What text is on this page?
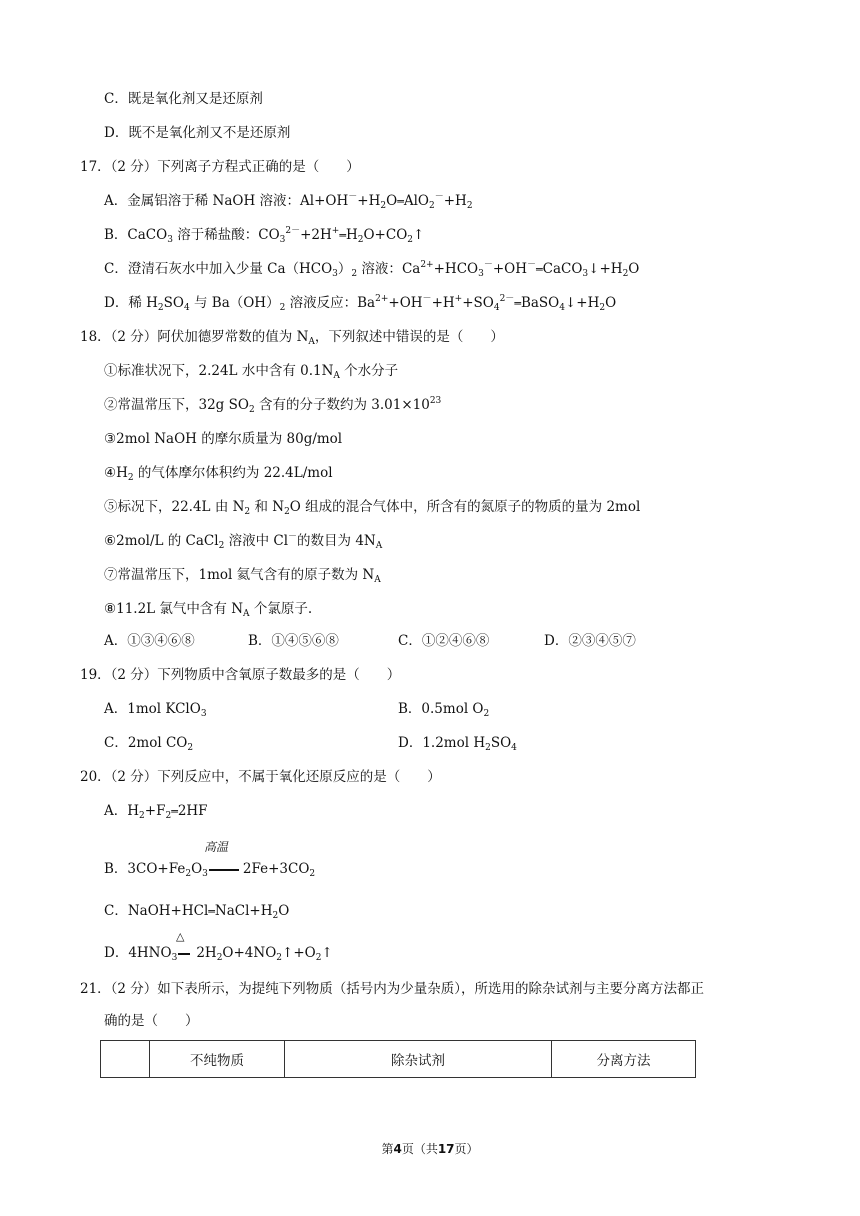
C．既是氧化剂又是还原剂
D．既不是氧化剂又不是还原剂
17．（2 分）下列离子方程式正确的是（　　）
A．金属铝溶于稀 NaOH 溶液：$Al+OH^-+H_2O═AlO_2^-+H_2$
B．CaCO$_3$ 溶于稀盐酸：$CO_3^{2-}+2H^+═H_2O+CO_2↑$
C．澄清石灰水中加入少量 $Ca(HCO_3)_2$ 溶液：$Ca^{2+}+HCO_3^-+OH^-═CaCO_3↓+H_2O$
D．稀 $H_2SO_4$ 与 $Ba(OH)_2$ 溶液反应：$Ba^{2+}+OH^-+H^++SO_4^{2-}═BaSO_4↓+H_2O$
18．（2 分）阿伏加德罗常数的值为 $N_A$，下列叙述中错误的是（　　）
①标准状况下，2.24L 水中含有 $0.1N_A$ 个水分子
②常温常压下，32g $SO_2$ 含有的分子数约为 $3.01\times 10^{23}$
③2mol NaOH 的摩尔质量为 80g/mol
$④H_2$ 的气体摩尔体积约为 22.4L/mol
⑤标况下，22.4L 由 $N_2$ 和 $N_2O$ 组成的混合气体中，所含有的氮原子的物质的量为 2mol
⑥2mol/L 的 CaCl$_2$ 溶液中 Cl－的数目为 $4N_A$
⑦常温常压下，1mol 氦气含有的原子数为 $N_A$
⑧11.2L 氯气中含有 $N_A$ 个氯原子.
A．①③④⑥⑧	B．①④⑤⑥⑧	C．①②④⑥⑧	D．②③④⑤⑦
19．（2 分）下列物质中含氧原子数最多的是（　　）
A．1mol KClO$_3$	B．0.5mol $O_2$
C．2mol $CO_2$	D．1.2mol $H_2SO_4$
20．（2 分）下列反应中，不属于氧化还原反应的是（　　）
A．$H_2+F_2═2HF$
高温
B．$3CO+Fe_2O_3$	$2Fe+3CO_2$
C．$NaOH+HCl═NaCl+H_2O$
△
D．$4HNO_3$ $2H_2O+4NO_2↑+O_2↑$
21．（2 分）如下表所示，为提纯下列物质（括号内为少量杂质），所选用的除杂试剂与主要分离方法都正
确的是（　　）
	不纯物质	除杂试剂	分离方法
第4页（共17页）
